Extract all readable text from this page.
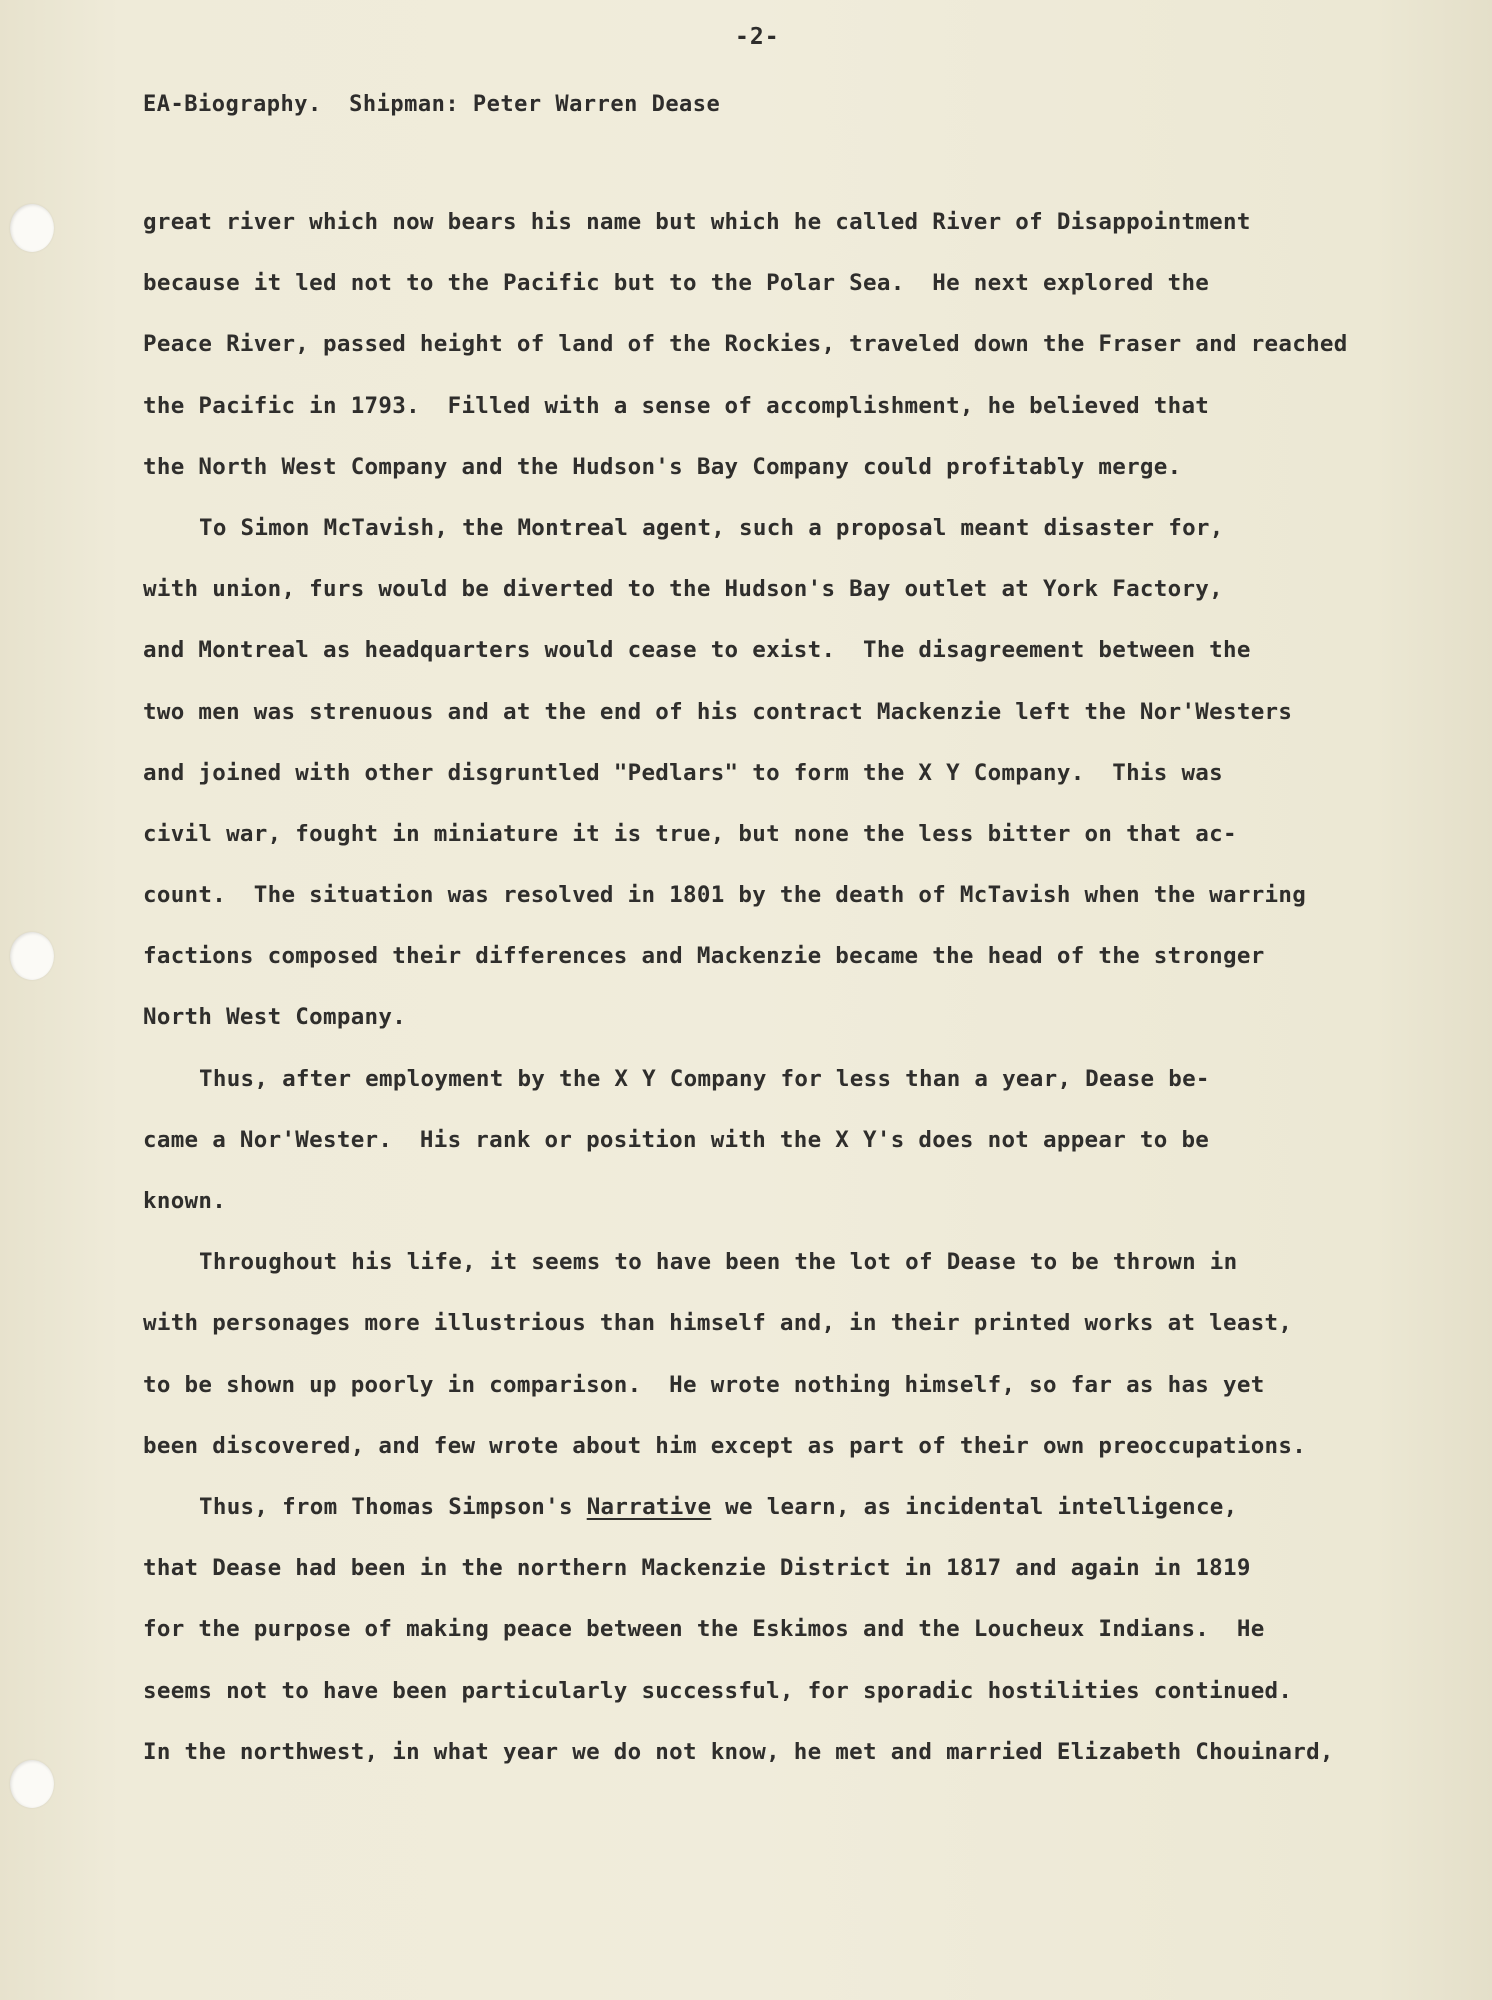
-2-
EA-Biography.  Shipman: Peter Warren Dease
great river which now bears his name but which he called River of Disappointment
because it led not to the Pacific but to the Polar Sea.  He next explored the
Peace River, passed height of land of the Rockies, traveled down the Fraser and reached
the Pacific in 1793.  Filled with a sense of accomplishment, he believed that
the North West Company and the Hudson's Bay Company could profitably merge.
To Simon McTavish, the Montreal agent, such a proposal meant disaster for,
with union, furs would be diverted to the Hudson's Bay outlet at York Factory,
and Montreal as headquarters would cease to exist.  The disagreement between the
two men was strenuous and at the end of his contract Mackenzie left the Nor'Westers
and joined with other disgruntled "Pedlars" to form the X Y Company.  This was
civil war, fought in miniature it is true, but none the less bitter on that ac-
count.  The situation was resolved in 1801 by the death of McTavish when the warring
factions composed their differences and Mackenzie became the head of the stronger
North West Company.
Thus, after employment by the X Y Company for less than a year, Dease be-
came a Nor'Wester.  His rank or position with the X Y's does not appear to be
known.
Throughout his life, it seems to have been the lot of Dease to be thrown in
with personages more illustrious than himself and, in their printed works at least,
to be shown up poorly in comparison.  He wrote nothing himself, so far as has yet
been discovered, and few wrote about him except as part of their own preoccupations.
Thus, from Thomas Simpson's Narrative we learn, as incidental intelligence,
that Dease had been in the northern Mackenzie District in 1817 and again in 1819
for the purpose of making peace between the Eskimos and the Loucheux Indians.  He
seems not to have been particularly successful, for sporadic hostilities continued.
In the northwest, in what year we do not know, he met and married Elizabeth Chouinard,
